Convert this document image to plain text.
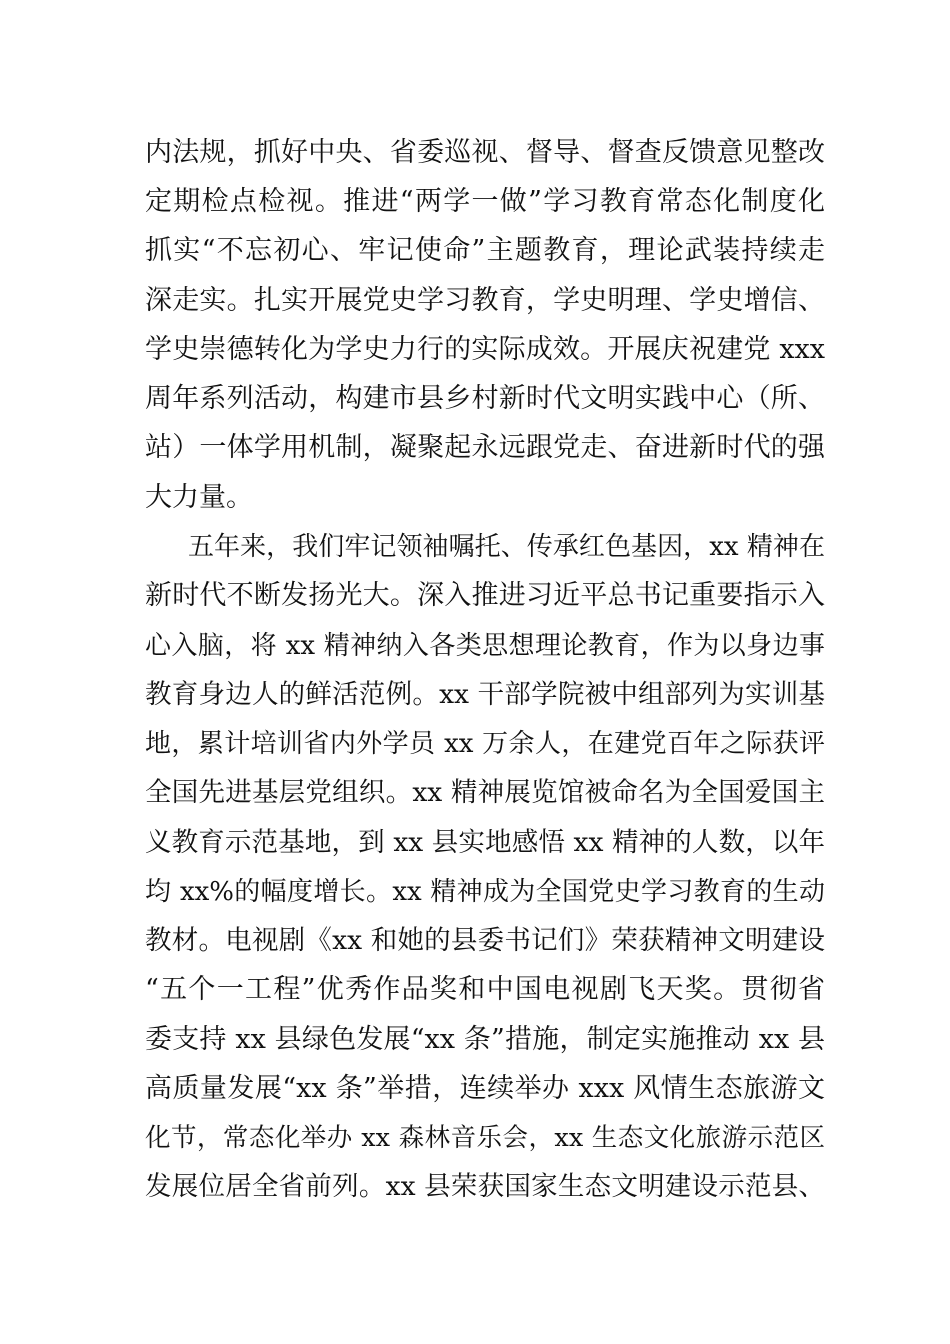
内法规，抓好中央、省委巡视、督导、督查反馈意见整改
定期检点检视。推进“两学一做”学习教育常态化制度化
抓实“不忘初心、牢记使命”主题教育，理论武装持续走
深走实。扎实开展党史学习教育，学史明理、学史增信、
学史崇德转化为学史力行的实际成效。开展庆祝建党 xxx
周年系列活动，构建市县乡村新时代文明实践中心（所、
站）一体学用机制，凝聚起永远跟党走、奋进新时代的强
大力量。
五年来，我们牢记领袖嘱托、传承红色基因，xx 精神在
新时代不断发扬光大。深入推进习近平总书记重要指示入
心入脑，将 xx 精神纳入各类思想理论教育，作为以身边事
教育身边人的鲜活范例。xx 干部学院被中组部列为实训基
地，累计培训省内外学员 xx 万余人，在建党百年之际获评
全国先进基层党组织。xx 精神展览馆被命名为全国爱国主
义教育示范基地，到 xx 县实地感悟 xx 精神的人数，以年
均 xx%的幅度增长。xx 精神成为全国党史学习教育的生动
教材。电视剧《xx 和她的县委书记们》荣获精神文明建设
“五个一工程”优秀作品奖和中国电视剧飞天奖。贯彻省
委支持 xx 县绿色发展“xx 条”措施，制定实施推动 xx 县
高质量发展“xx 条”举措，连续举办 xxx 风情生态旅游文
化节，常态化举办 xx 森林音乐会，xx 生态文化旅游示范区
发展位居全省前列。xx 县荣获国家生态文明建设示范县、
